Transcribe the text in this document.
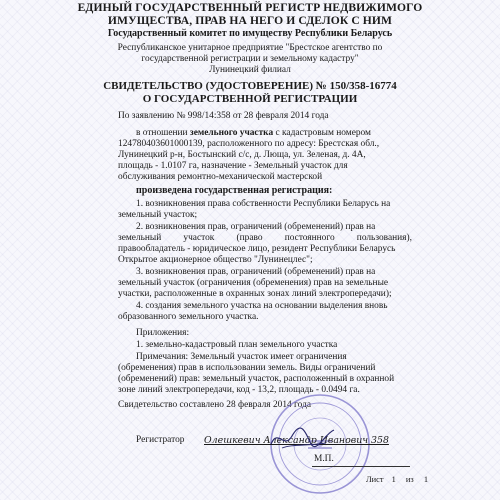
ЕДИНЫЙ ГОСУДАРСТВЕННЫЙ РЕГИСТР НЕДВИЖИМОГО
ИМУЩЕСТВА, ПРАВ НА НЕГО И СДЕЛОК С НИМ
Государственный комитет по имуществу Республики Беларусь
Республиканское унитарное предприятие "Брестское агентство по
государственной регистрации и земельному кадастру"
Лунинецкий филиал
СВИДЕТЕЛЬСТВО (УДОСТОВЕРЕНИЕ) № 150/358-16774
О ГОСУДАРСТВЕННОЙ РЕГИСТРАЦИИ
По заявлению № 998/14:358 от 28 февраля 2014 года
в отношении земельного участка с кадастровым номером
124780403601000139, расположенного по адресу: Брестская обл.,
Лунинецкий р-н, Бостынский с/с, д. Люща, ул. Зеленая, д. 4А,
площадь - 1.0107 га, назначение - Земельный участок для
обслуживания ремонтно-механической мастерской
произведена государственная регистрация:
1. возникновения права собственности Республики Беларусь на
земельный участок;
2. возникновения прав, ограничений (обременений) прав на
земельный участок (право постоянного пользования),
правообладатель - юридическое лицо, резидент Республики Беларусь
Открытое акционерное общество "Лунинецлес";
3. возникновения прав, ограничений (обременений) прав на
земельный участок (ограничения (обременения) прав на земельные
участки, расположенные в охранных зонах линий электропередачи);
4. создания земельного участка на основании выделения вновь
образованного земельного участка.
Приложения:
1. земельно-кадастровый план земельного участка
Примечания: Земельный участок имеет ограничения
(обременения) прав в использовании земель. Виды ограничений
(обременений) прав: земельный участок, расположенный в охранной
зоне линий электропередачи, код - 13,2, площадь - 0.0494 га.
Свидетельство составлено 28 февраля 2014 года
Регистратор Олешкевич Александр Иванович 358
М.П.
Лист 1 из 1
